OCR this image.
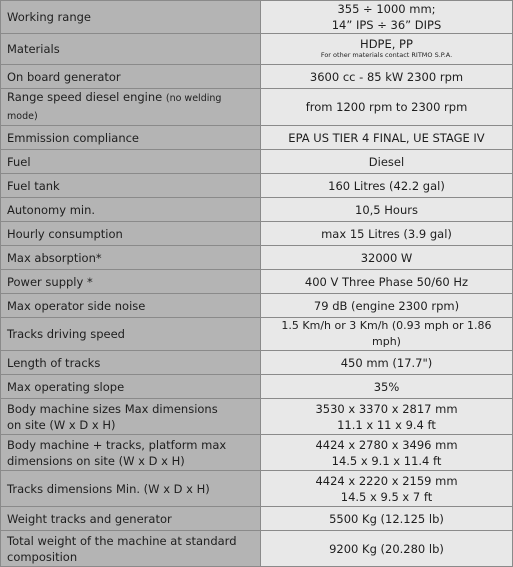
Working range	355 ÷ 1000 mm;
14” IPS ÷ 36” DIPS

Materials	HDPE, PP
For other materials contact RITMO S.P.A.

On board generator	3600 cc - 85 kW 2300 rpm
Range speed diesel engine (no welding mode)	from 1200 rpm to 2300 rpm
Emmission compliance	EPA US TIER 4 FINAL, UE STAGE IV
Fuel	Diesel
Fuel tank	160 Litres (42.2 gal)
Autonomy min.	10,5 Hours
Hourly consumption	max 15 Litres (3.9 gal)
Max absorption*	32000 W
Power supply *	400 V Three Phase 50/60 Hz
Max operator side noise	79 dB (engine 2300 rpm)
Tracks driving speed	1.5 Km/h or 3 Km/h (0.93 mph or 1.86 mph)
Length of tracks	450 mm (17.7")
Max operating slope	35%

Body machine sizes Max dimensions
on site (W x D x H)	3530 x 3370 x 2817 mm
11.1 x 11 x 9.4 ft

Body machine + tracks, platform max
dimensions on site (W x D x H)	4424 x 2780 x 3496 mm
14.5 x 9.1 x 11.4 ft

Tracks dimensions Min. (W x D x H)	4424 x 2220 x 2159 mm
14.5 x 9.5 x 7 ft

Weight tracks and generator	5500 Kg (12.125 lb)

Total weight of the machine at standard
composition	9200 Kg (20.280 lb)
